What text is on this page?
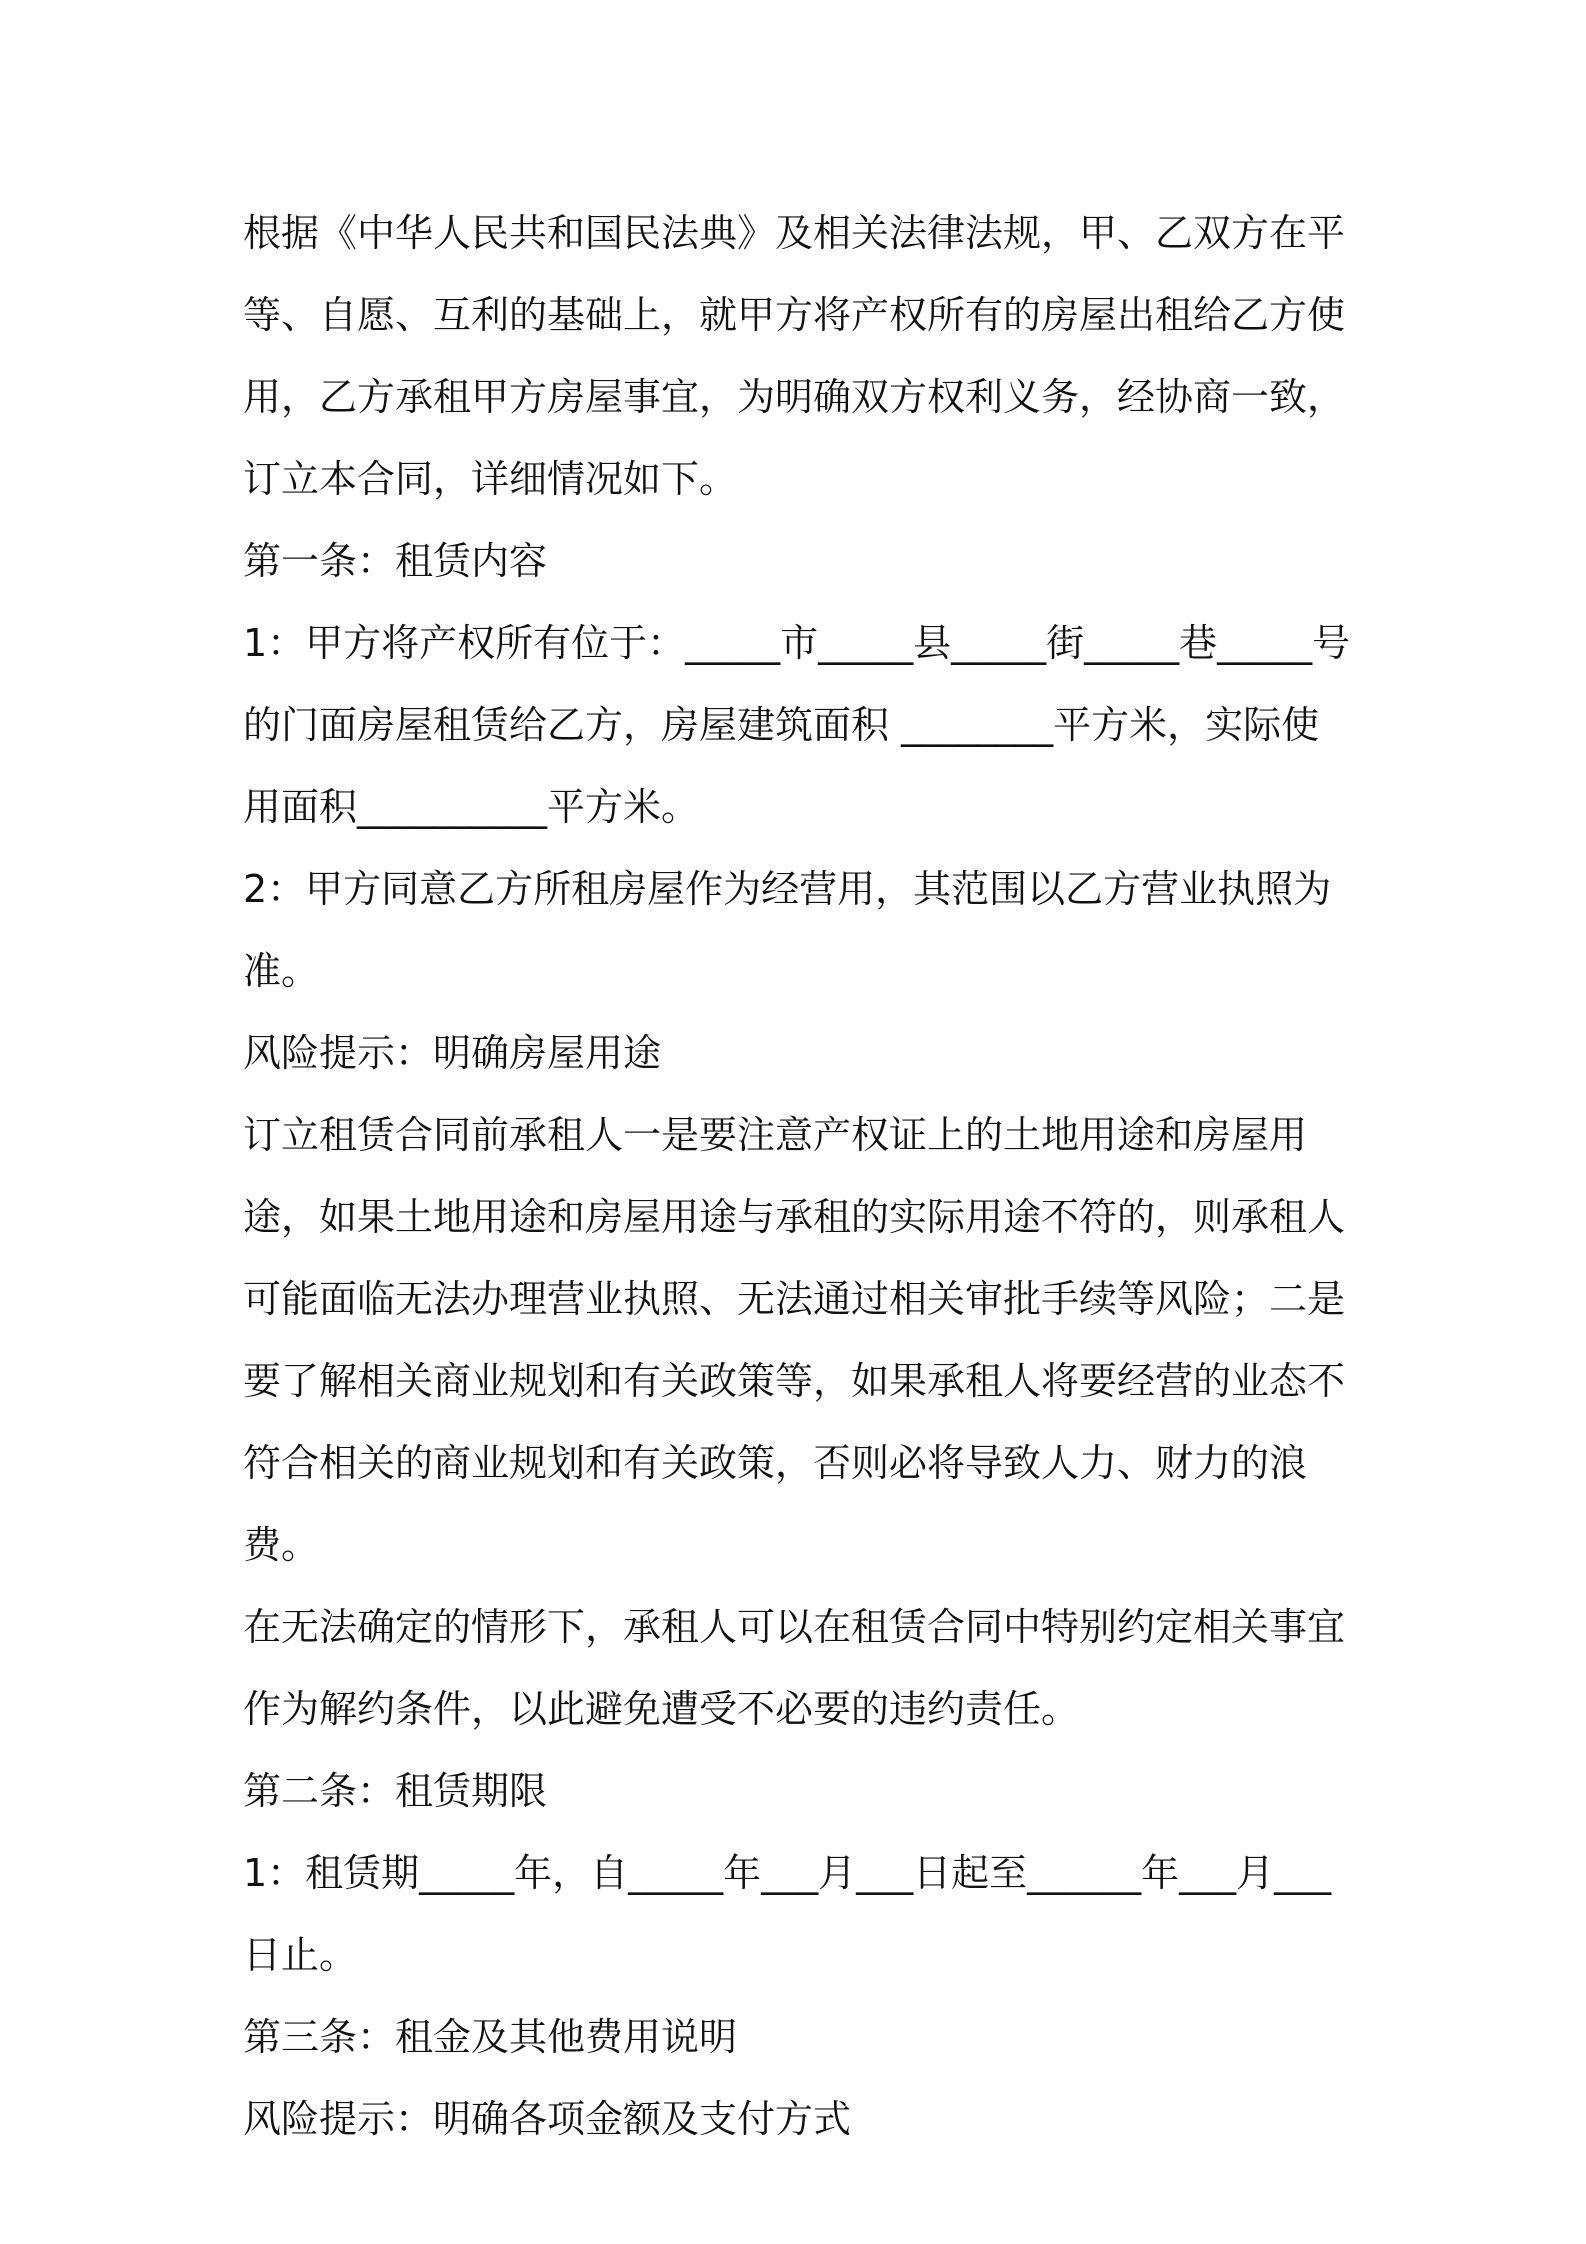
根据《中华人民共和国民法典》及相关法律法规，甲、乙双方在平等、自愿、互利的基础上，就甲方将产权所有的房屋出租给乙方使用，乙方承租甲方房屋事宜，为明确双方权利义务，经协商一致，订立本合同，详细情况如下。

第一条：租赁内容

1：甲方将产权所有位于：_____市_____县_____街_____巷_____号的门面房屋租赁给乙方，房屋建筑面积 ________平方米，实际使用面积__________平方米。

2：甲方同意乙方所租房屋作为经营用，其范围以乙方营业执照为准。

风险提示：明确房屋用途

订立租赁合同前承租人一是要注意产权证上的土地用途和房屋用途，如果土地用途和房屋用途与承租的实际用途不符的，则承租人可能面临无法办理营业执照、无法通过相关审批手续等风险；二是要了解相关商业规划和有关政策等，如果承租人将要经营的业态不符合相关的商业规划和有关政策，否则必将导致人力、财力的浪费。

在无法确定的情形下，承租人可以在租赁合同中特别约定相关事宜作为解约条件，以此避免遭受不必要的违约责任。

第二条：租赁期限

1：租赁期_____年，自_____年___月___日起至______年___月___日止。

第三条：租金及其他费用说明

风险提示：明确各项金额及支付方式
